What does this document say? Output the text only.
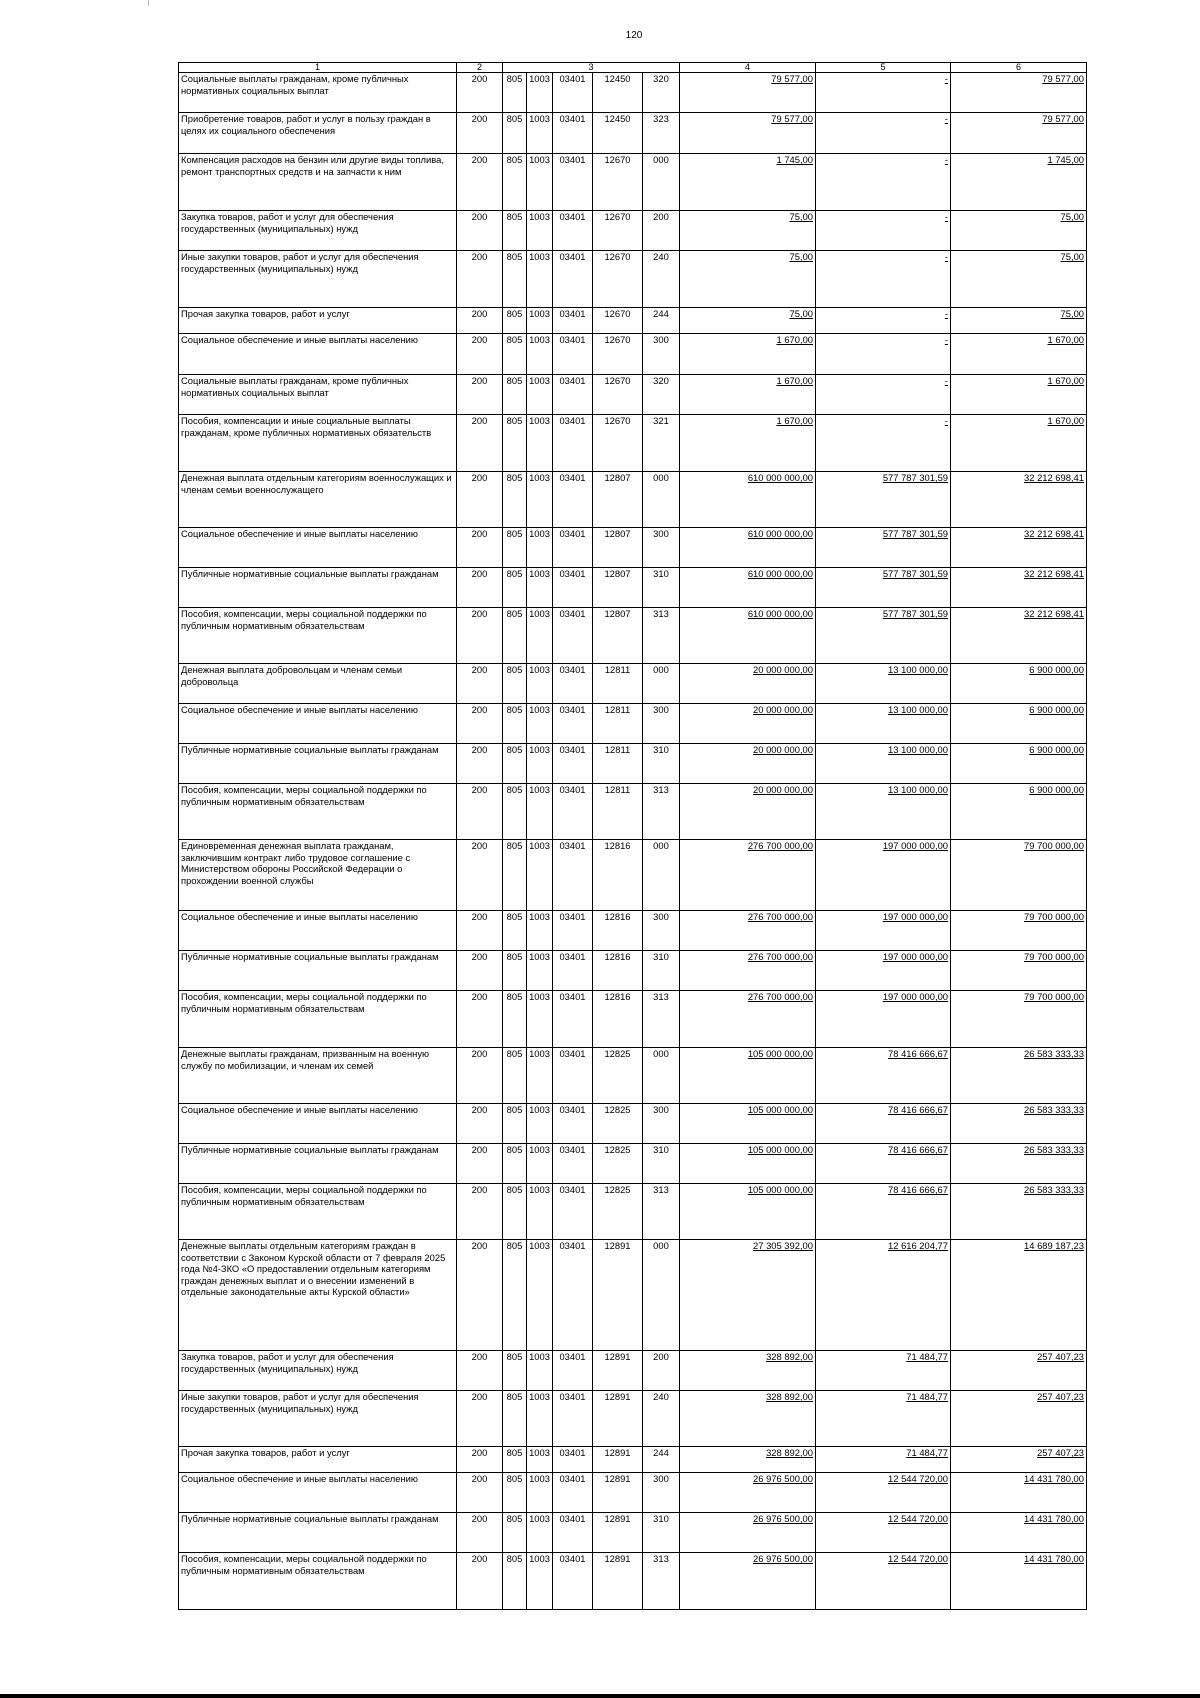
120
1	2	3					4	5	6
Социальные выплаты гражданам, кроме публичных нормативных социальных выплат	200	805	1003	03401	12450	320	79 577,00	-	79 577,00
Приобретение товаров, работ и услуг в пользу граждан в целях их социального обеспечения	200	805	1003	03401	12450	323	79 577,00	-	79 577,00
Компенсация расходов на бензин или другие виды топлива, ремонт транспортных средств и на запчасти к ним	200	805	1003	03401	12670	000	1 745,00	-	1 745,00
Закупка товаров, работ и услуг для обеспечения государственных (муниципальных) нужд	200	805	1003	03401	12670	200	75,00	-	75,00
Иные закупки товаров, работ и услуг для обеспечения государственных (муниципальных) нужд	200	805	1003	03401	12670	240	75,00	-	75,00
Прочая закупка товаров, работ и услуг	200	805	1003	03401	12670	244	75,00	-	75,00
Социальное обеспечение и иные выплаты населению	200	805	1003	03401	12670	300	1 670,00	-	1 670,00
Социальные выплаты гражданам, кроме публичных нормативных социальных выплат	200	805	1003	03401	12670	320	1 670,00	-	1 670,00
Пособия, компенсации и иные социальные выплаты гражданам, кроме публичных нормативных обязательств	200	805	1003	03401	12670	321	1 670,00	-	1 670,00
Денежная выплата отдельным категориям военнослужащих и членам семьи военнослужащего	200	805	1003	03401	12807	000	610 000 000,00	577 787 301,59	32 212 698,41
Социальное обеспечение и иные выплаты населению	200	805	1003	03401	12807	300	610 000 000,00	577 787 301,59	32 212 698,41
Публичные нормативные социальные выплаты гражданам	200	805	1003	03401	12807	310	610 000 000,00	577 787 301,59	32 212 698,41
Пособия, компенсации, меры социальной поддержки по публичным нормативным обязательствам	200	805	1003	03401	12807	313	610 000 000,00	577 787 301,59	32 212 698,41
Денежная выплата добровольцам и членам семьи добровольца	200	805	1003	03401	12811	000	20 000 000,00	13 100 000,00	6 900 000,00
Социальное обеспечение и иные выплаты населению	200	805	1003	03401	12811	300	20 000 000,00	13 100 000,00	6 900 000,00
Публичные нормативные социальные выплаты гражданам	200	805	1003	03401	12811	310	20 000 000,00	13 100 000,00	6 900 000,00
Пособия, компенсации, меры социальной поддержки по публичным нормативным обязательствам	200	805	1003	03401	12811	313	20 000 000,00	13 100 000,00	6 900 000,00
Единовременная денежная выплата гражданам, заключившим контракт либо трудовое соглашение с Министерством обороны Российской Федерации о прохождении военной службы	200	805	1003	03401	12816	000	276 700 000,00	197 000 000,00	79 700 000,00
Социальное обеспечение и иные выплаты населению	200	805	1003	03401	12816	300	276 700 000,00	197 000 000,00	79 700 000,00
Публичные нормативные социальные выплаты гражданам	200	805	1003	03401	12816	310	276 700 000,00	197 000 000,00	79 700 000,00
Пособия, компенсации, меры социальной поддержки по публичным нормативным обязательствам	200	805	1003	03401	12816	313	276 700 000,00	197 000 000,00	79 700 000,00
Денежные выплаты гражданам, призванным на военную службу по мобилизации, и членам их семей	200	805	1003	03401	12825	000	105 000 000,00	78 416 666,67	26 583 333,33
Социальное обеспечение и иные выплаты населению	200	805	1003	03401	12825	300	105 000 000,00	78 416 666,67	26 583 333,33
Публичные нормативные социальные выплаты гражданам	200	805	1003	03401	12825	310	105 000 000,00	78 416 666,67	26 583 333,33
Пособия, компенсации, меры социальной поддержки по публичным нормативным обязательствам	200	805	1003	03401	12825	313	105 000 000,00	78 416 666,67	26 583 333,33
Денежные выплаты отдельным категориям граждан в соответствии с Законом Курской области от 7 февраля 2025 года №4-ЗКО «О предоставлении отдельным категориям граждан денежных выплат и о внесении изменений в отдельные законодательные акты Курской области»	200	805	1003	03401	12891	000	27 305 392,00	12 616 204,77	14 689 187,23
Закупка товаров, работ и услуг для обеспечения государственных (муниципальных) нужд	200	805	1003	03401	12891	200	328 892,00	71 484,77	257 407,23
Иные закупки товаров, работ и услуг для обеспечения государственных (муниципальных) нужд	200	805	1003	03401	12891	240	328 892,00	71 484,77	257 407,23
Прочая закупка товаров, работ и услуг	200	805	1003	03401	12891	244	328 892,00	71 484,77	257 407,23
Социальное обеспечение и иные выплаты населению	200	805	1003	03401	12891	300	26 976 500,00	12 544 720,00	14 431 780,00
Публичные нормативные социальные выплаты гражданам	200	805	1003	03401	12891	310	26 976 500,00	12 544 720,00	14 431 780,00
Пособия, компенсации, меры социальной поддержки по публичным нормативным обязательствам	200	805	1003	03401	12891	313	26 976 500,00	12 544 720,00	14 431 780,00
